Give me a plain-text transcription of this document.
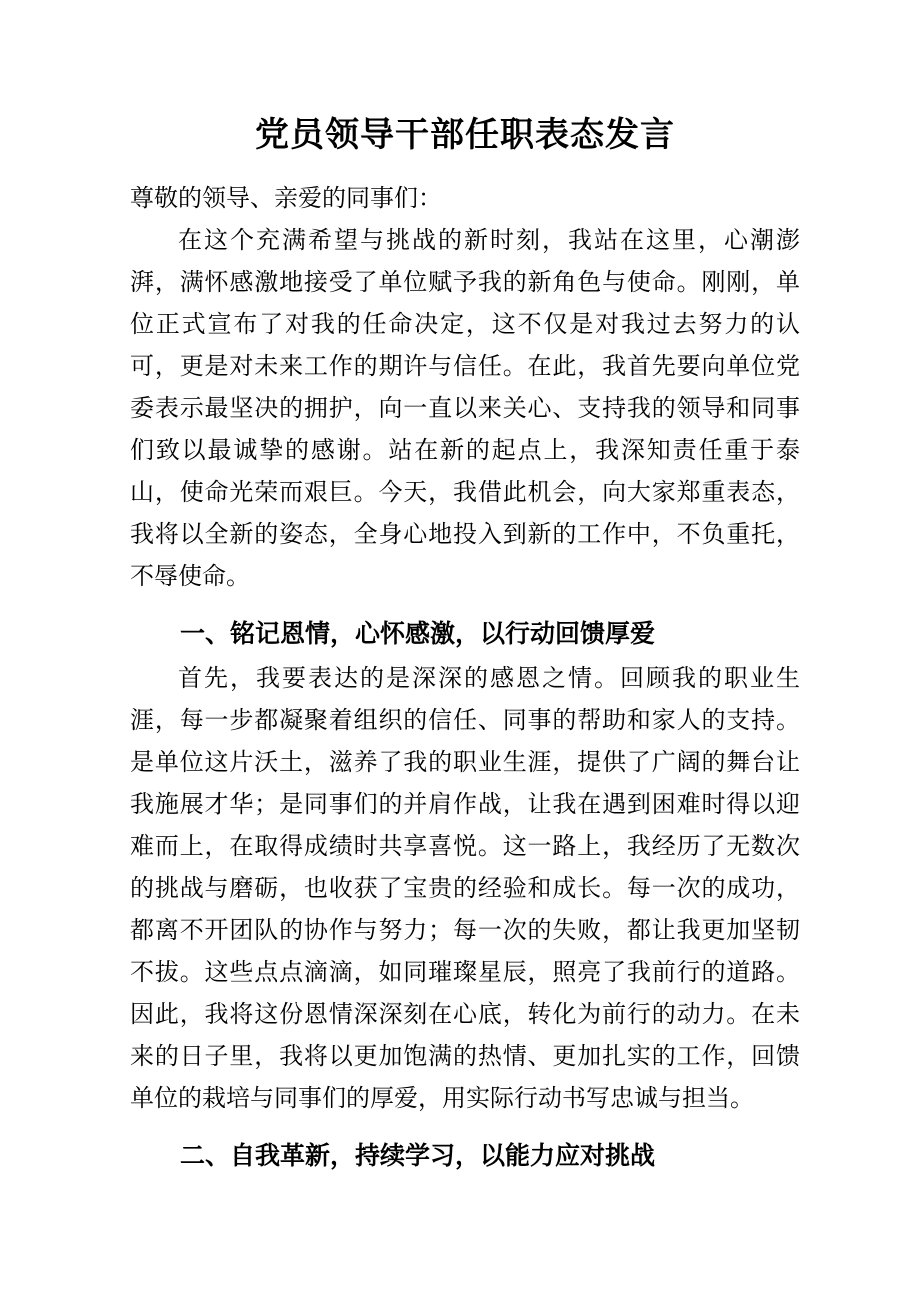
党员领导干部任职表态发言

尊敬的领导、亲爱的同事们：

在这个充满希望与挑战的新时刻，我站在这里，心潮澎湃，满怀感激地接受了单位赋予我的新角色与使命。刚刚，单位正式宣布了对我的任命决定，这不仅是对我过去努力的认可，更是对未来工作的期许与信任。在此，我首先要向单位党委表示最坚决的拥护，向一直以来关心、支持我的领导和同事们致以最诚挚的感谢。站在新的起点上，我深知责任重于泰山，使命光荣而艰巨。今天，我借此机会，向大家郑重表态，我将以全新的姿态，全身心地投入到新的工作中，不负重托，不辱使命。

一、铭记恩情，心怀感激，以行动回馈厚爱

首先，我要表达的是深深的感恩之情。回顾我的职业生涯，每一步都凝聚着组织的信任、同事的帮助和家人的支持。是单位这片沃土，滋养了我的职业生涯，提供了广阔的舞台让我施展才华；是同事们的并肩作战，让我在遇到困难时得以迎难而上，在取得成绩时共享喜悦。这一路上，我经历了无数次的挑战与磨砺，也收获了宝贵的经验和成长。每一次的成功，都离不开团队的协作与努力；每一次的失败，都让我更加坚韧不拔。这些点点滴滴，如同璀璨星辰，照亮了我前行的道路。因此，我将这份恩情深深刻在心底，转化为前行的动力。在未来的日子里，我将以更加饱满的热情、更加扎实的工作，回馈单位的栽培与同事们的厚爱，用实际行动书写忠诚与担当。

二、自我革新，持续学习，以能力应对挑战
